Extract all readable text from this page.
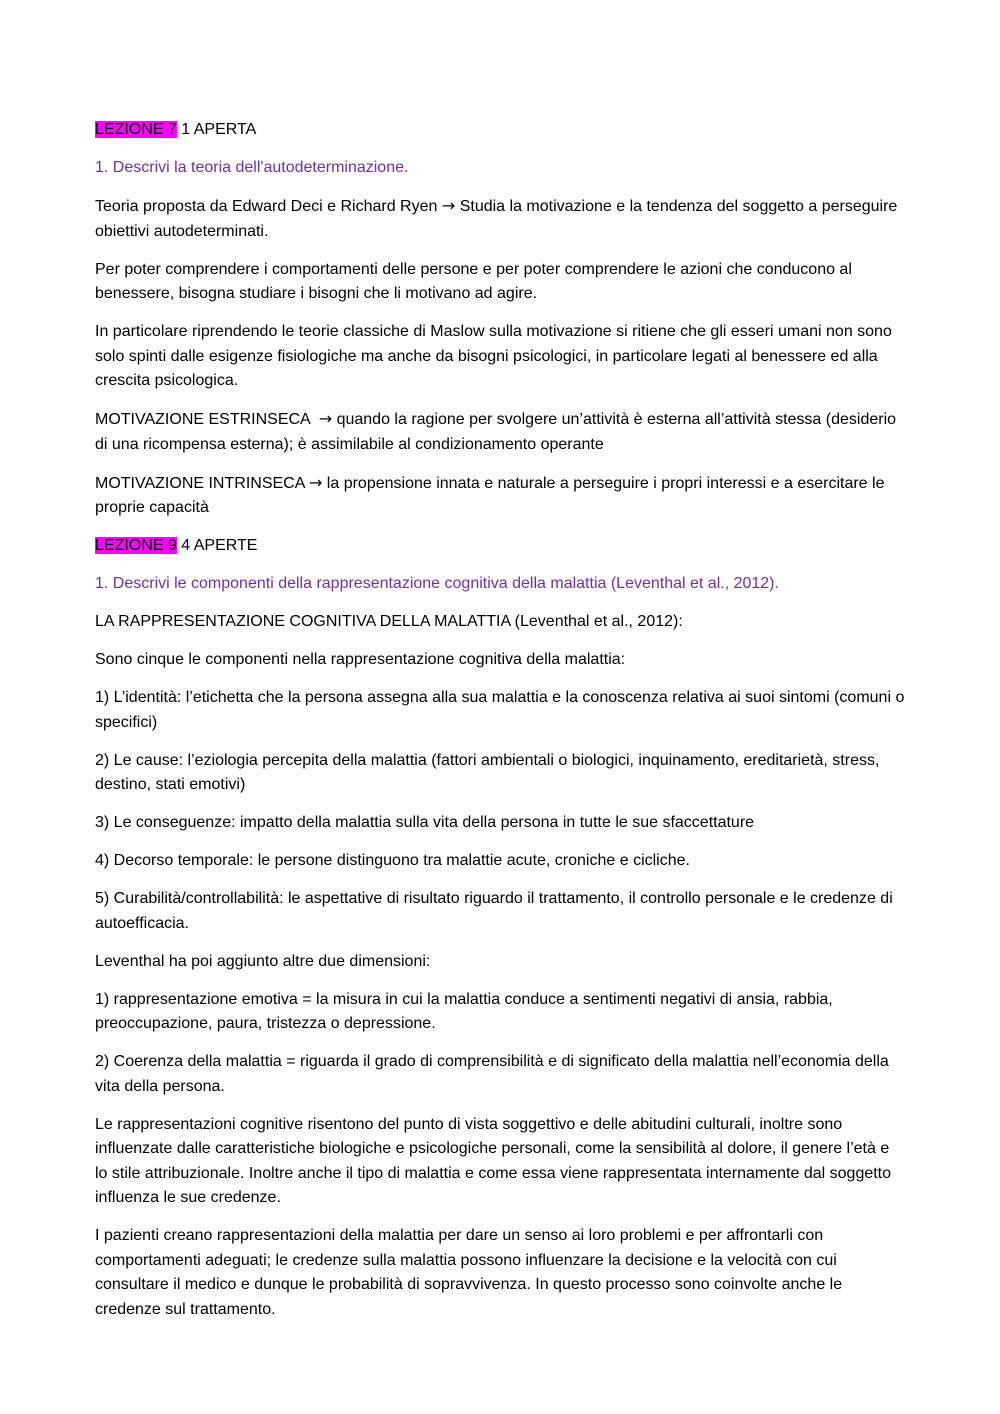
LEZIONE 7 1 APERTA

1. Descrivi la teoria dell'autodeterminazione.

Teoria proposta da Edward Deci e Richard Ryen → Studia la motivazione e la tendenza del soggetto a perseguire obiettivi autodeterminati.

Per poter comprendere i comportamenti delle persone e per poter comprendere le azioni che conducono al benessere, bisogna studiare i bisogni che li motivano ad agire.

In particolare riprendendo le teorie classiche di Maslow sulla motivazione si ritiene che gli esseri umani non sono solo spinti dalle esigenze fisiologiche ma anche da bisogni psicologici, in particolare legati al benessere ed alla crescita psicologica.

MOTIVAZIONE ESTRINSECA  → quando la ragione per svolgere un’attività è esterna all’attività stessa (desiderio di una ricompensa esterna); è assimilabile al condizionamento operante

MOTIVAZIONE INTRINSECA → la propensione innata e naturale a perseguire i propri interessi e a esercitare le proprie capacità

LEZIONE 9 4 APERTE

1. Descrivi le componenti della rappresentazione cognitiva della malattia (Leventhal et al., 2012).

LA RAPPRESENTAZIONE COGNITIVA DELLA MALATTIA (Leventhal et al., 2012):

Sono cinque le componenti nella rappresentazione cognitiva della malattia:

1) L’identità: l’etichetta che la persona assegna alla sua malattia e la conoscenza relativa ai suoi sintomi (comuni o specifici)

2) Le cause: l’eziologia percepita della malattia (fattori ambientali o biologici, inquinamento, ereditarietà, stress, destino, stati emotivi)

3) Le conseguenze: impatto della malattia sulla vita della persona in tutte le sue sfaccettature

4) Decorso temporale: le persone distinguono tra malattie acute, croniche e cicliche.

5) Curabilità/controllabilità: le aspettative di risultato riguardo il trattamento, il controllo personale e le credenze di autoefficacia.

Leventhal ha poi aggiunto altre due dimensioni:

1) rappresentazione emotiva = la misura in cui la malattia conduce a sentimenti negativi di ansia, rabbia, preoccupazione, paura, tristezza o depressione.

2) Coerenza della malattia = riguarda il grado di comprensibilità e di significato della malattia nell’economia della vita della persona.

Le rappresentazioni cognitive risentono del punto di vista soggettivo e delle abitudini culturali, inoltre sono influenzate dalle caratteristiche biologiche e psicologiche personali, come la sensibilità al dolore, il genere l’età e lo stile attribuzionale. Inoltre anche il tipo di malattia e come essa viene rappresentata internamente dal soggetto influenza le sue credenze.

I pazienti creano rappresentazioni della malattia per dare un senso ai loro problemi e per affrontarli con comportamenti adeguati; le credenze sulla malattia possono influenzare la decisione e la velocità con cui consultare il medico e dunque le probabilità di sopravvivenza. In questo processo sono coinvolte anche le credenze sul trattamento.
